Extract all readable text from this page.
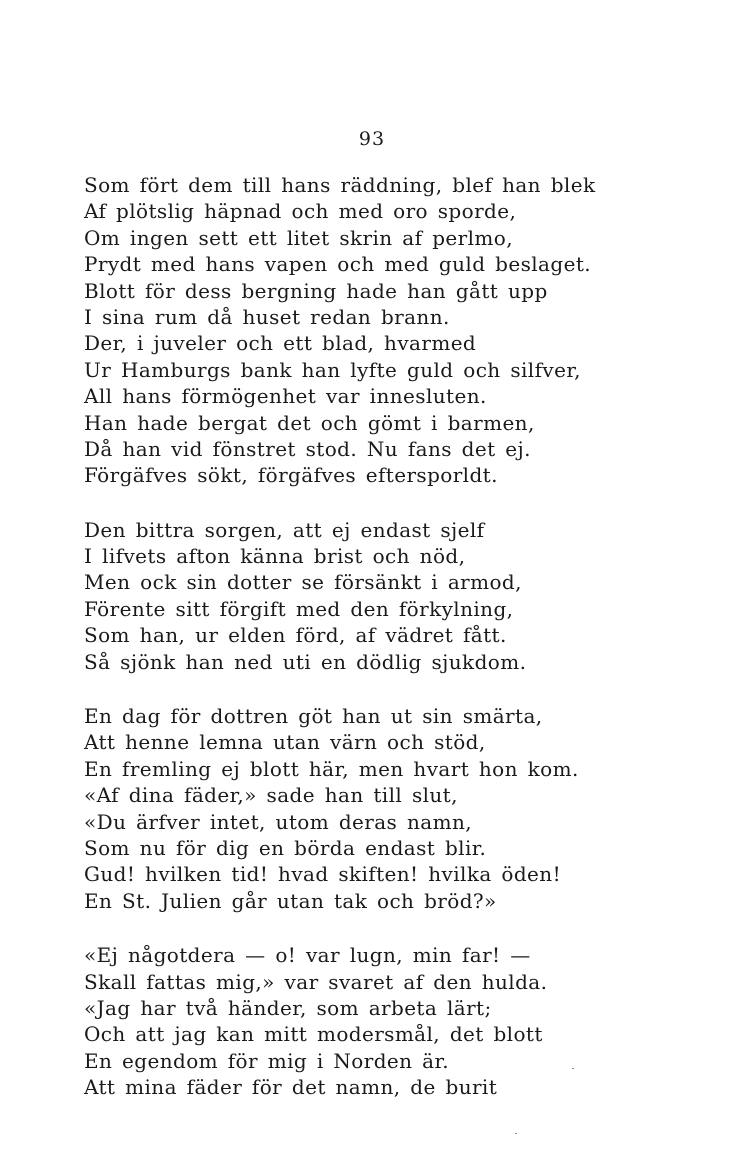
93
Som fört dem till hans räddning, blef han blek
Af plötslig häpnad och med oro sporde,
Om ingen sett ett litet skrin af perlmo,
Prydt med hans vapen och med guld beslaget.
Blott för dess bergning hade han gått upp
I sina rum då huset redan brann.
Der, i juveler och ett blad, hvarmed
Ur Hamburgs bank han lyfte guld och silfver,
All hans förmögenhet var innesluten.
Han hade bergat det och gömt i barmen,
Då han vid fönstret stod. Nu fans det ej.
Förgäfves sökt, förgäfves eftersporldt.
Den bittra sorgen, att ej endast sjelf
I lifvets afton känna brist och nöd,
Men ock sin dotter se försänkt i armod,
Förente sitt förgift med den förkylning,
Som han, ur elden förd, af vädret fått.
Så sjönk han ned uti en dödlig sjukdom.
En dag för dottren göt han ut sin smärta,
Att henne lemna utan värn och stöd,
En fremling ej blott här, men hvart hon kom.
«Af dina fäder,» sade han till slut,
«Du ärfver intet, utom deras namn,
Som nu för dig en börda endast blir.
Gud! hvilken tid! hvad skiften! hvilka öden!
En St. Julien går utan tak och bröd?»
«Ej någotdera — o! var lugn, min far! —
Skall fattas mig,» var svaret af den hulda.
«Jag har två händer, som arbeta lärt;
Och att jag kan mitt modersmål, det blott
En egendom för mig i Norden är.
Att mina fäder för det namn, de burit
